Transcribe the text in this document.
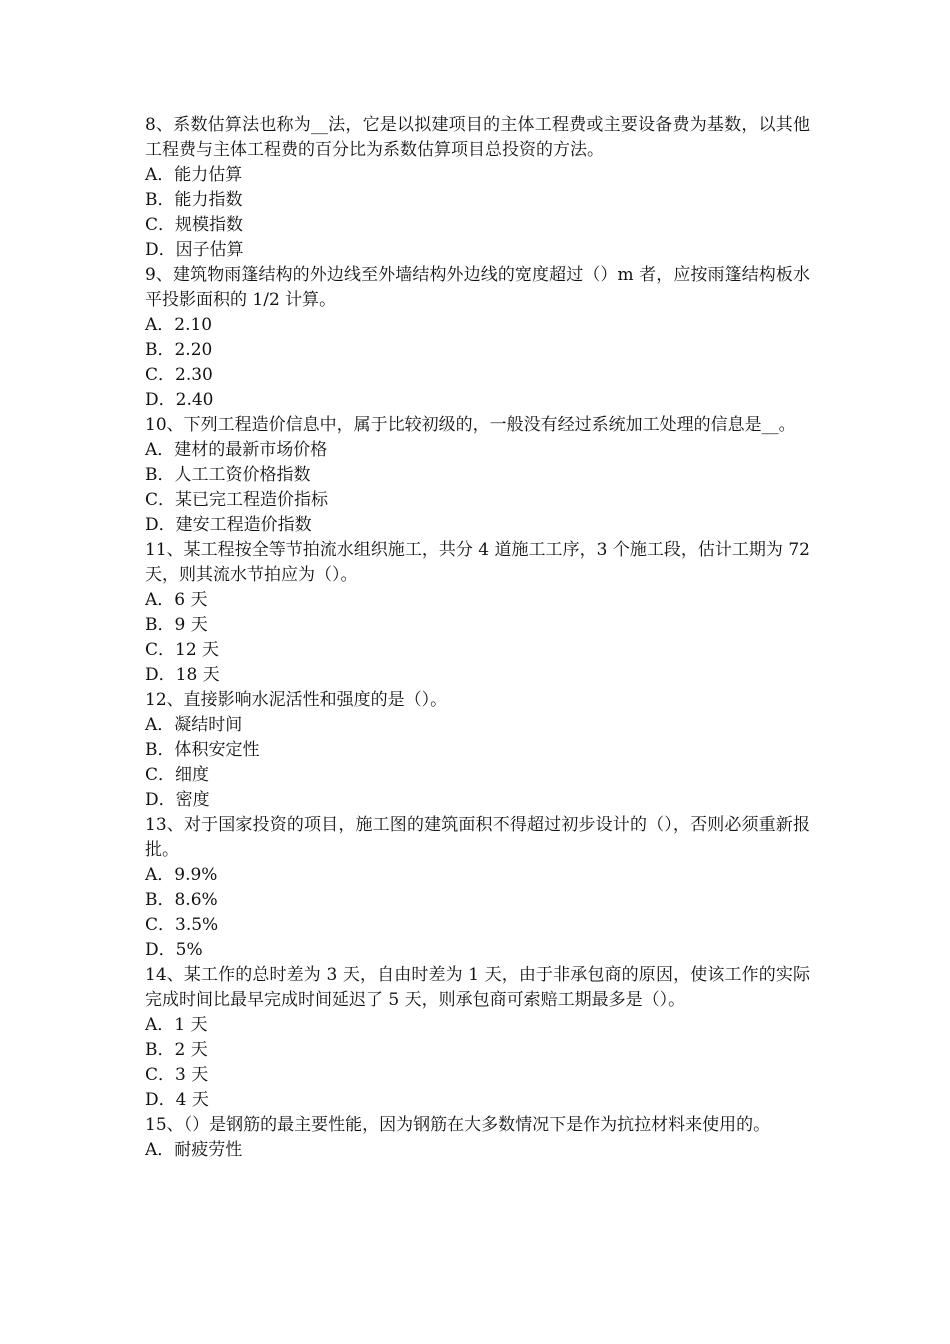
8、系数估算法也称为__法，它是以拟建项目的主体工程费或主要设备费为基数，以其他工程费与主体工程费的百分比为系数估算项目总投资的方法。
A．能力估算
B．能力指数
C．规模指数
D．因子估算
9、建筑物雨篷结构的外边线至外墙结构外边线的宽度超过（）m 者，应按雨篷结构板水平投影面积的 1/2 计算。
A．2.10
B．2.20
C．2.30
D．2.40
10、下列工程造价信息中，属于比较初级的，一般没有经过系统加工处理的信息是__。
A．建材的最新市场价格
B．人工工资价格指数
C．某已完工程造价指标
D．建安工程造价指数
11、某工程按全等节拍流水组织施工，共分 4 道施工工序，3 个施工段，估计工期为 72 天，则其流水节拍应为（）。
A．6 天
B．9 天
C．12 天
D．18 天
12、直接影响水泥活性和强度的是（）。
A．凝结时间
B．体积安定性
C．细度
D．密度
13、对于国家投资的项目，施工图的建筑面积不得超过初步设计的（），否则必须重新报批。
A．9.9%
B．8.6%
C．3.5%
D．5%
14、某工作的总时差为 3 天，自由时差为 1 天，由于非承包商的原因，使该工作的实际完成时间比最早完成时间延迟了 5 天，则承包商可索赔工期最多是（）。
A．1 天
B．2 天
C．3 天
D．4 天
15、（）是钢筋的最主要性能，因为钢筋在大多数情况下是作为抗拉材料来使用的。
A．耐疲劳性
